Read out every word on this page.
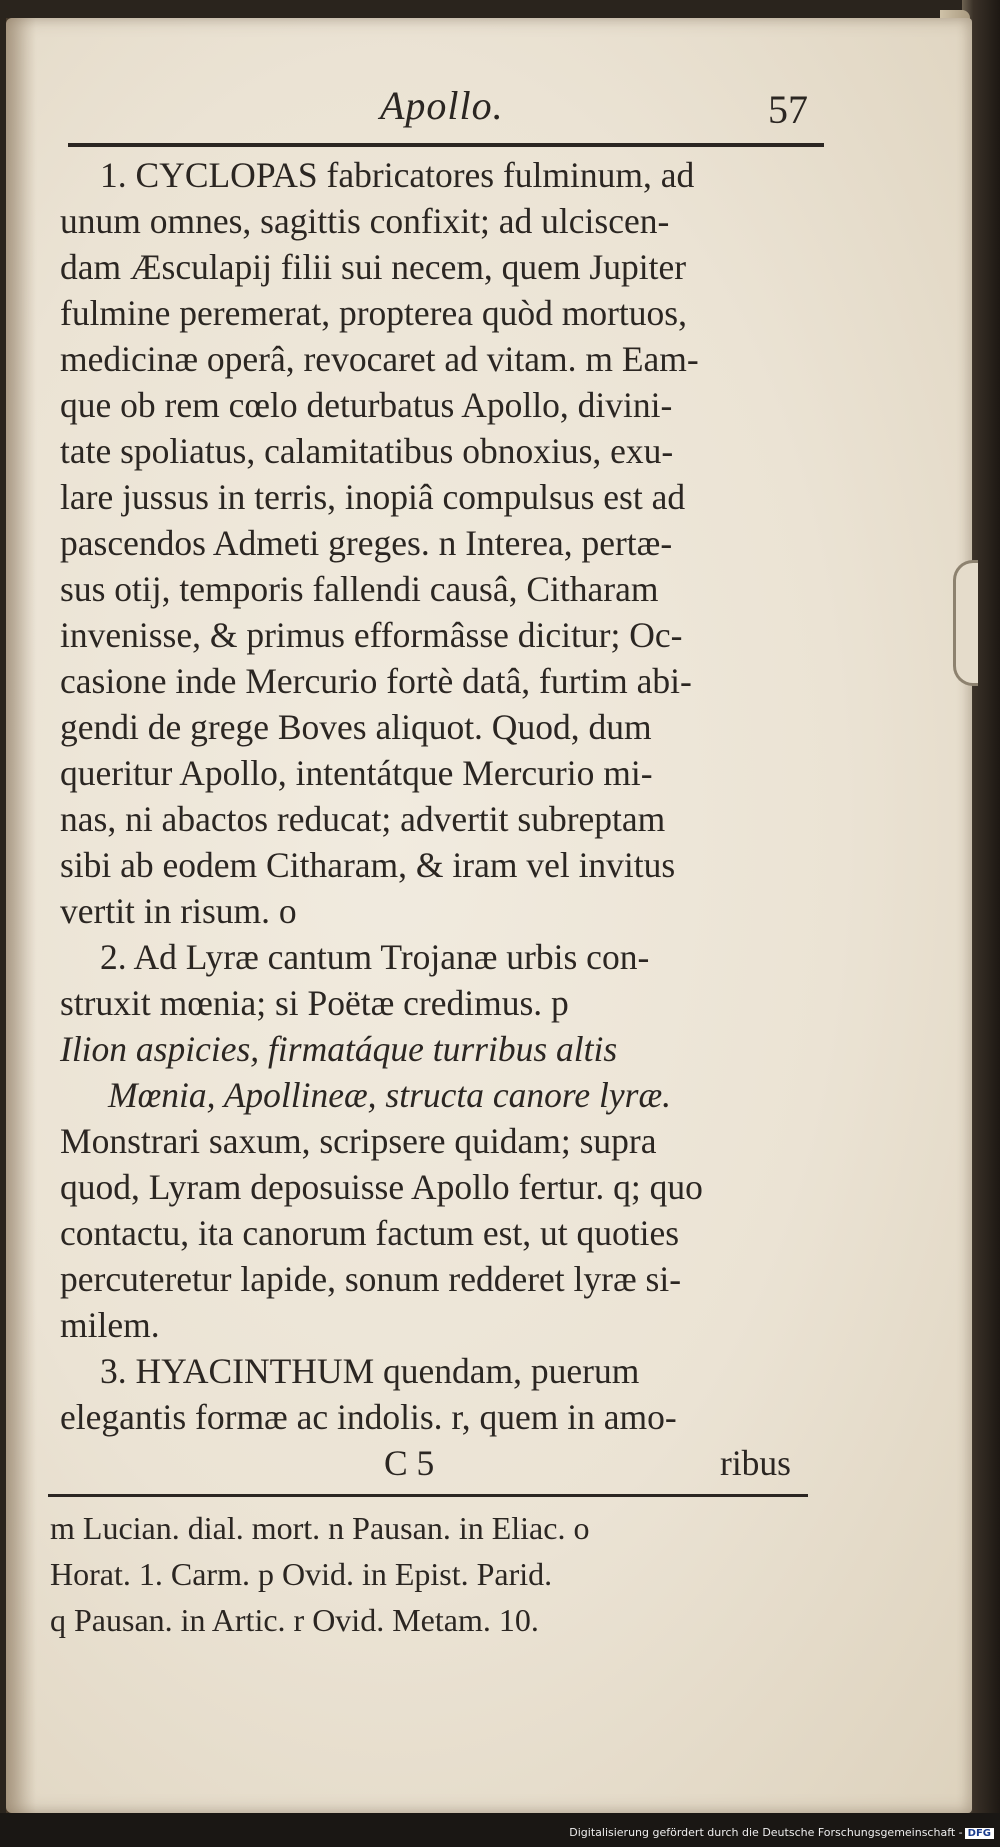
Apollo.	57
1. CYCLOPAS fabricatores fulminum, ad
unum omnes, sagittis confixit; ad ulciscen-
dam Æsculapij filii sui necem, quem Jupiter
fulmine peremerat, propterea quòd mortuos,
medicinæ operâ, revocaret ad vitam. m Eam-
que ob rem cœlo deturbatus Apollo, divini-
tate spoliatus, calamitatibus obnoxius, exu-
lare jussus in terris, inopiâ compulsus est ad
pascendos Admeti greges. n Interea, pertæ-
sus otij, temporis fallendi causâ, Citharam
invenisse, & primus efformâsse dicitur; Oc-
casione inde Mercurio fortè datâ, furtim abi-
gendi de grege Boves aliquot. Quod, dum
queritur Apollo, intentátque Mercurio mi-
nas, ni abactos reducat; advertit subreptam
sibi ab eodem Citharam, & iram vel invitus
vertit in risum. o
2. Ad Lyræ cantum Trojanæ urbis con-
struxit mœnia; si Poëtæ credimus. p
Ilion aspicies, firmatáque turribus altis
Mœnia, Apollineæ, structa canore lyræ.
Monstrari saxum, scripsere quidam; supra
quod, Lyram deposuisse Apollo fertur. q; quo
contactu, ita canorum factum est, ut quoties
percuteretur lapide, sonum redderet lyræ si-
milem.
3. HYACINTHUM quendam, puerum
elegantis formæ ac indolis. r, quem in amo-
C 5	ribus
m Lucian. dial. mort. n Pausan. in Eliac. o
Horat. 1. Carm. p Ovid. in Epist. Parid.
q Pausan. in Artic. r Ovid. Metam. 10.
Digitalisierung gefördert durch die Deutsche Forschungsgemeinschaft - DFG
